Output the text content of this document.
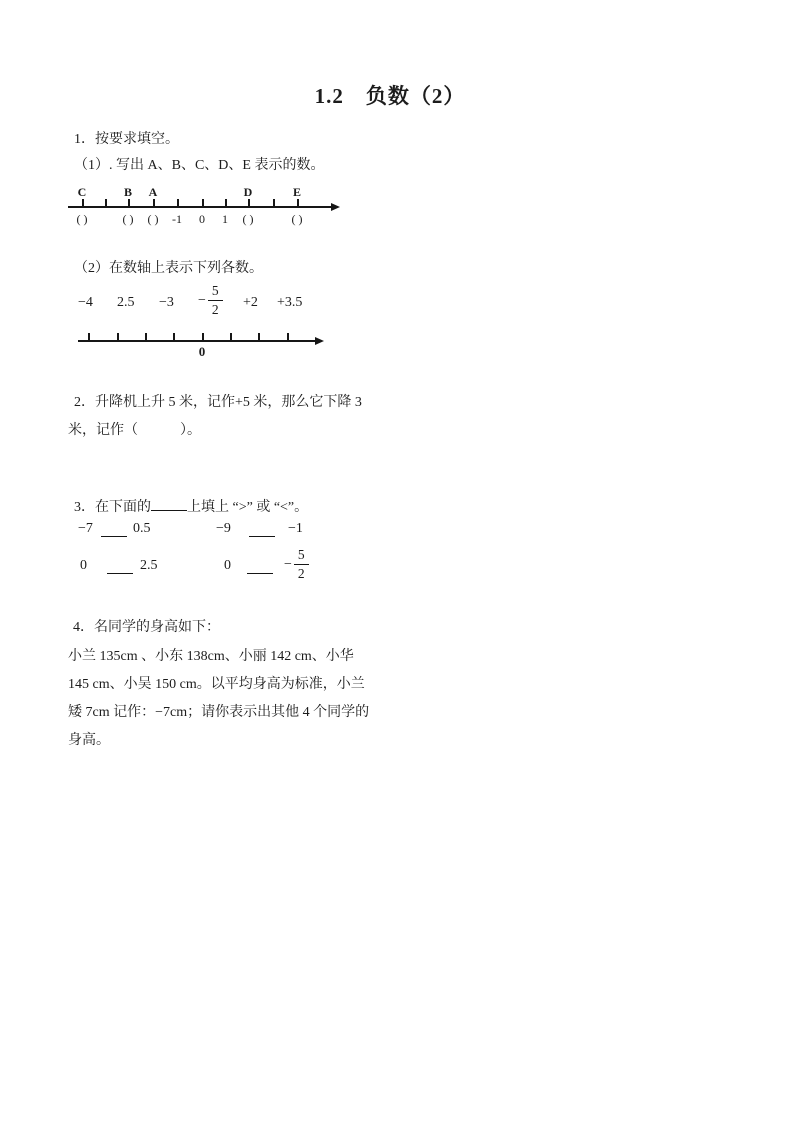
1.2　负数（2）
1．按要求填空。
（1）. 写出 A、B、C、D、E 表示的数。
C	B A	D	E
( )	( ) ( ) -1 0 1 ( )	( )
（2）在数轴上表示下列各数。
−4 $2.5 -3 - \frac{5}{2} +2 +3.5$
0
2．升降机上升 5 米，记作+5 米，那么它下降 3
米，记作（　　　）。
3．在下面的	上填上 “>” 或 “<”。
−7	0.5	−9	−1
0	2.5	0	− $\frac{5}{2}$
4．名同学的身高如下：
小兰 135cm 、小东 138cm、小丽 142 cm、小华
145 cm、小吴 150 cm。以平均身高为标准，小兰
矮 7cm 记作：−7cm；请你表示出其他 4 个同学的
身高。
